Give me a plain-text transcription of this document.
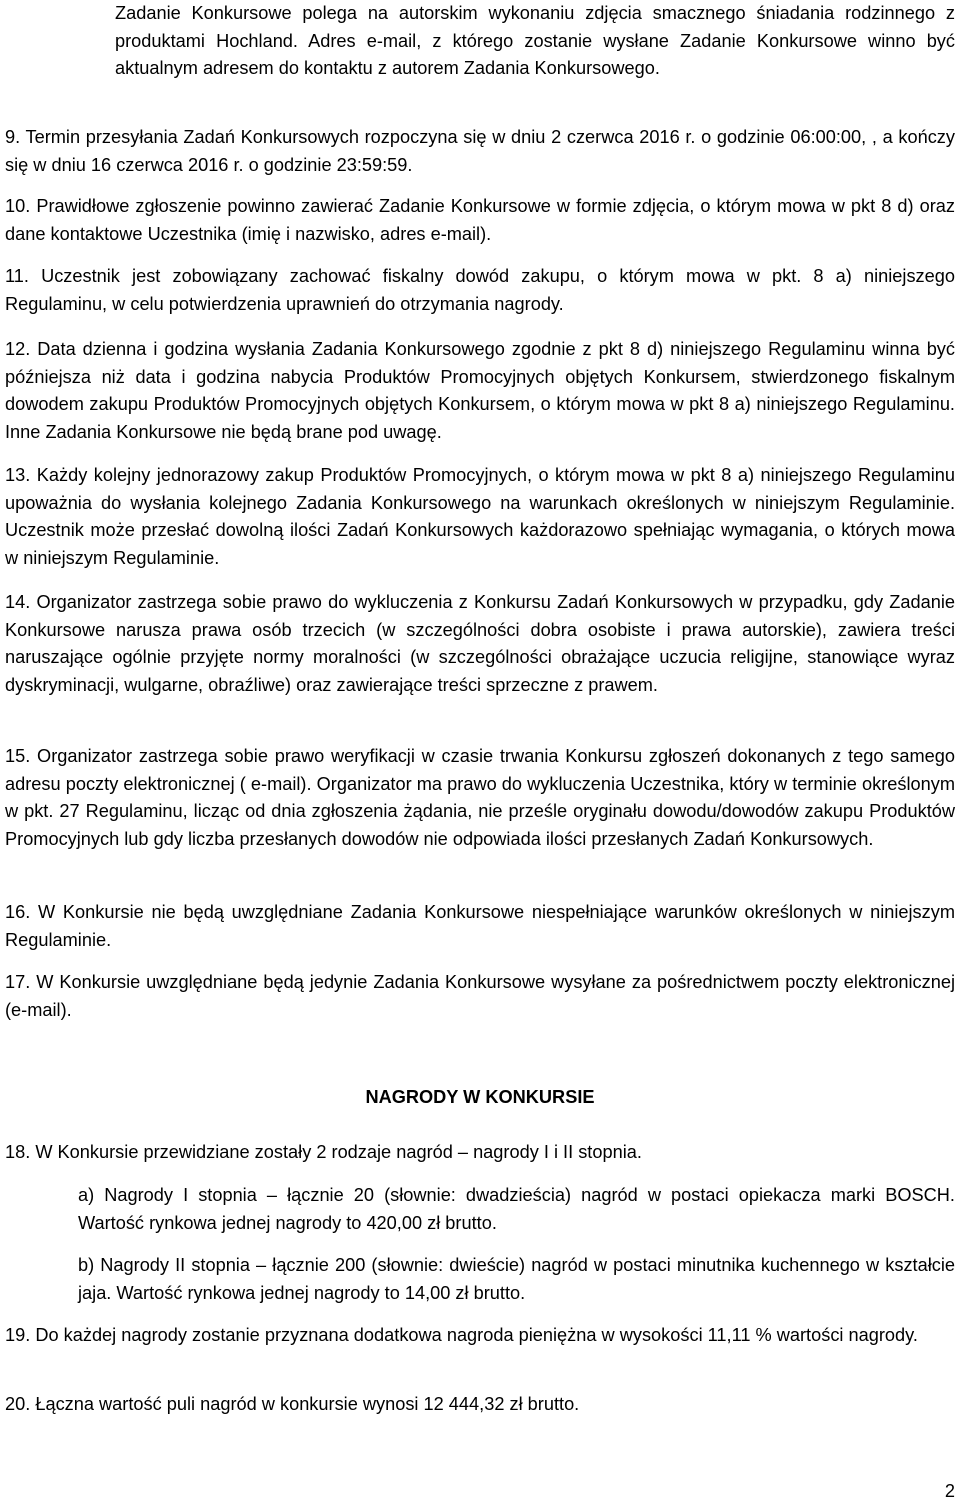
Zadanie Konkursowe polega na autorskim wykonaniu zdjęcia smacznego śniadania rodzinnego z produktami Hochland. Adres e-mail, z którego zostanie wysłane Zadanie Konkursowe winno być aktualnym adresem do kontaktu z autorem Zadania Konkursowego.

9. Termin przesyłania Zadań Konkursowych rozpoczyna się w dniu 2 czerwca 2016 r. o godzinie 06:00:00, , a kończy się w dniu 16 czerwca 2016 r. o godzinie 23:59:59.

10. Prawidłowe zgłoszenie powinno zawierać Zadanie Konkursowe w formie zdjęcia, o którym mowa w pkt 8 d) oraz dane kontaktowe Uczestnika (imię i nazwisko, adres e-mail).

11. Uczestnik jest zobowiązany zachować fiskalny dowód zakupu, o którym mowa w pkt. 8 a) niniejszego Regulaminu, w celu potwierdzenia uprawnień do otrzymania nagrody.

12. Data dzienna i godzina wysłania Zadania Konkursowego zgodnie z pkt 8 d) niniejszego Regulaminu winna być późniejsza niż data i godzina nabycia Produktów Promocyjnych objętych Konkursem, stwierdzonego fiskalnym dowodem zakupu Produktów Promocyjnych objętych Konkursem, o którym mowa w pkt 8 a) niniejszego Regulaminu. Inne Zadania Konkursowe nie będą brane pod uwagę.

13. Każdy kolejny jednorazowy zakup Produktów Promocyjnych, o którym mowa w pkt 8 a) niniejszego Regulaminu upoważnia do wysłania kolejnego Zadania Konkursowego na warunkach określonych w niniejszym Regulaminie. Uczestnik może przesłać dowolną ilości Zadań Konkursowych każdorazowo spełniając wymagania, o których mowa w niniejszym Regulaminie.

14. Organizator zastrzega sobie prawo do wykluczenia z Konkursu Zadań Konkursowych w przypadku, gdy Zadanie Konkursowe narusza prawa osób trzecich (w szczególności dobra osobiste i prawa autorskie), zawiera treści naruszające ogólnie przyjęte normy moralności (w szczególności obrażające uczucia religijne, stanowiące wyraz dyskryminacji, wulgarne, obraźliwe) oraz zawierające treści sprzeczne z prawem.

15. Organizator zastrzega sobie prawo weryfikacji w czasie trwania Konkursu zgłoszeń dokonanych z tego samego adresu poczty elektronicznej ( e-mail). Organizator ma prawo do wykluczenia Uczestnika, który w terminie określonym w pkt. 27 Regulaminu, licząc od dnia zgłoszenia żądania, nie prześle oryginału dowodu/dowodów zakupu Produktów Promocyjnych lub gdy liczba przesłanych dowodów nie odpowiada ilości przesłanych Zadań Konkursowych.

16. W Konkursie nie będą uwzględniane Zadania Konkursowe niespełniające warunków określonych w niniejszym Regulaminie.

17. W Konkursie uwzględniane będą jedynie Zadania Konkursowe wysyłane za pośrednictwem poczty elektronicznej (e-mail).

NAGRODY W KONKURSIE

18. W Konkursie przewidziane zostały 2 rodzaje nagród – nagrody I i II stopnia.

a) Nagrody I stopnia – łącznie 20 (słownie: dwadzieścia) nagród w postaci opiekacza marki BOSCH. Wartość rynkowa jednej nagrody to 420,00 zł brutto.

b) Nagrody II stopnia – łącznie 200 (słownie: dwieście) nagród w postaci minutnika kuchennego w kształcie jaja. Wartość rynkowa jednej nagrody to 14,00 zł brutto.

19. Do każdej nagrody zostanie przyznana dodatkowa nagroda pieniężna w wysokości 11,11 % wartości nagrody.

20. Łączna wartość puli nagród w konkursie wynosi 12 444,32 zł brutto.

2
